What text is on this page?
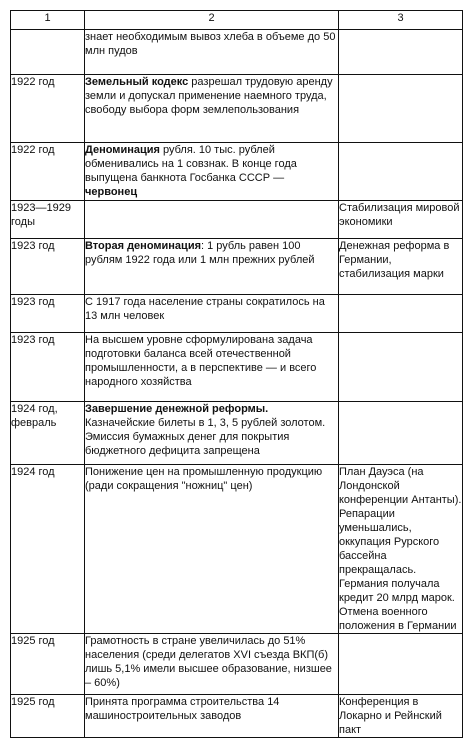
1	2	3
	знает необходимым вывоз хлеба в объеме до 50 млн пудов	
1922 год	Земельный кодекс разрешал трудовую аренду земли и допускал применение наемного труда, свободу выбора форм землепользования	
1922 год	Деноминация рубля. 10 тыс. рублей обменивались на 1 совзнак. В конце года выпущена банкнота Госбанка СССР — червонец	
1923—1929 годы		Стабилизация мировой экономики
1923 год	Вторая деноминация: 1 рубль равен 100 рублям 1922 года или 1 млн прежних рублей	Денежная реформа в Германии, стабилизация марки
1923 год	С 1917 года население страны сократилось на 13 млн человек	
1923 год	На высшем уровне сформулирована задача подготовки баланса всей отечественной промышленности, а в перспективе — и всего народного хозяйства	
1924 год, февраль	Завершение денежной реформы. Казначейские билеты в 1, 3, 5 рублей золотом. Эмиссия бумажных денег для покрытия бюджетного дефицита запрещена	
1924 год	Понижение цен на промышленную продукцию (ради сокращения "ножниц" цен)	План Дауэса (на Лондонской конференции Антанты). Репарации уменьшались, оккупация Рурского бассейна прекращалась. Германия получала кредит 20 млрд марок. Отмена военного положения в Германии
1925 год	Грамотность в стране увеличилась до 51% населения (среди делегатов XVI съезда ВКП(б) лишь 5,1% имели высшее образование, низшее – 60%)	
1925 год	Принята программа строительства 14 машиностроительных заводов	Конференция в Локарно и Рейнский пакт
